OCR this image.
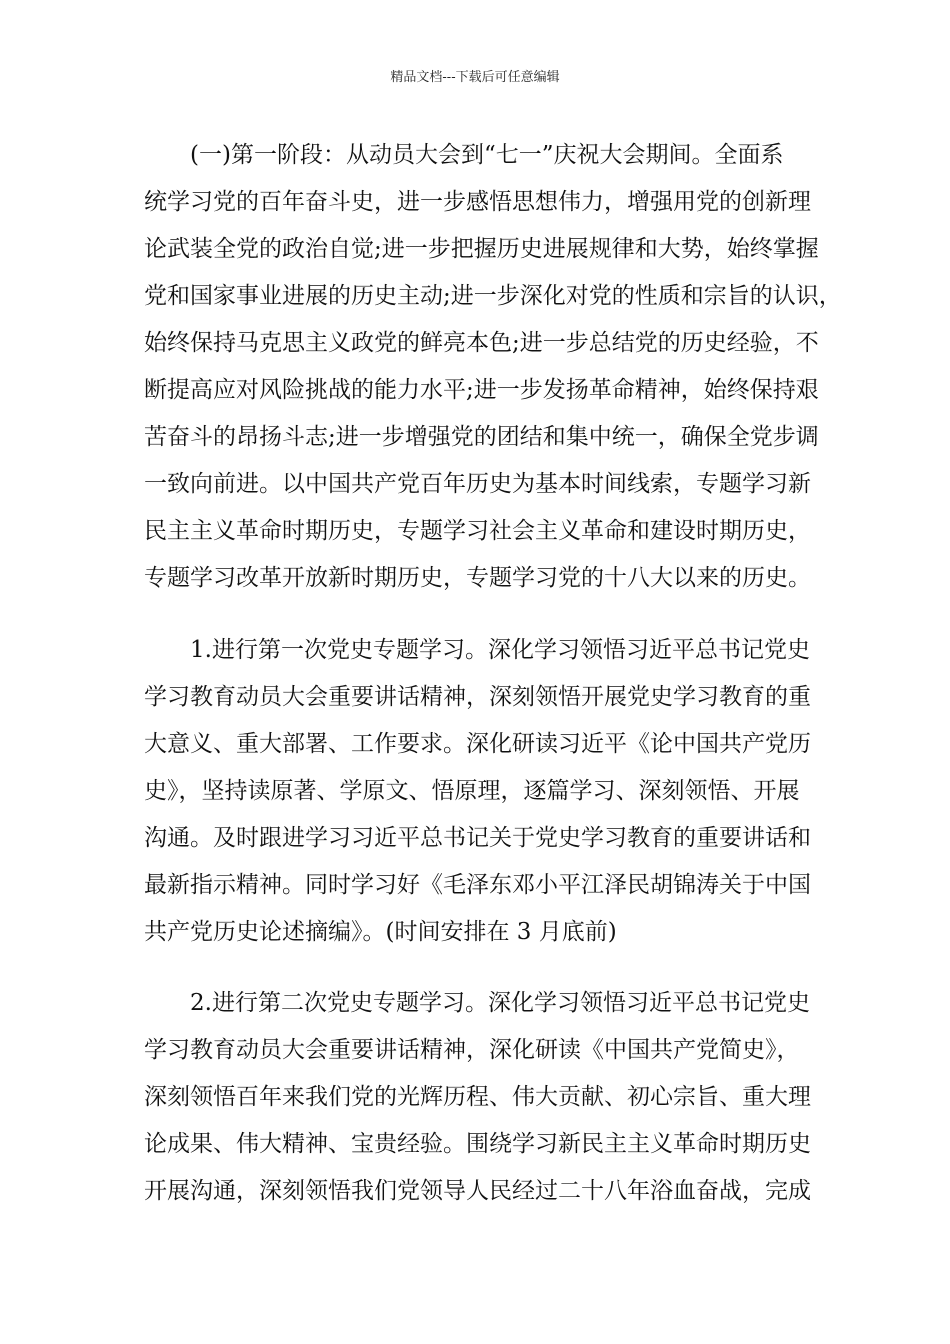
精品文档---下载后可任意编辑
(一)第一阶段：从动员大会到“七一”庆祝大会期间。全面系
统学习党的百年奋斗史，进一步感悟思想伟力，增强用党的创新理
论武装全党的政治自觉;进一步把握历史进展规律和大势，始终掌握
党和国家事业进展的历史主动;进一步深化对党的性质和宗旨的认识，
始终保持马克思主义政党的鲜亮本色;进一步总结党的历史经验，不
断提高应对风险挑战的能力水平;进一步发扬革命精神，始终保持艰
苦奋斗的昂扬斗志;进一步增强党的团结和集中统一，确保全党步调
一致向前进。以中国共产党百年历史为基本时间线索，专题学习新
民主主义革命时期历史，专题学习社会主义革命和建设时期历史，
专题学习改革开放新时期历史，专题学习党的十八大以来的历史。
1.进行第一次党史专题学习。深化学习领悟习近平总书记党史
学习教育动员大会重要讲话精神，深刻领悟开展党史学习教育的重
大意义、重大部署、工作要求。深化研读习近平《论中国共产党历
史》，坚持读原著、学原文、悟原理，逐篇学习、深刻领悟、开展
沟通。及时跟进学习习近平总书记关于党史学习教育的重要讲话和
最新指示精神。同时学习好《毛泽东邓小平江泽民胡锦涛关于中国
共产党历史论述摘编》。(时间安排在 3 月底前)
2.进行第二次党史专题学习。深化学习领悟习近平总书记党史
学习教育动员大会重要讲话精神，深化研读《中国共产党简史》，
深刻领悟百年来我们党的光辉历程、伟大贡献、初心宗旨、重大理
论成果、伟大精神、宝贵经验。围绕学习新民主主义革命时期历史
开展沟通，深刻领悟我们党领导人民经过二十八年浴血奋战，完成
